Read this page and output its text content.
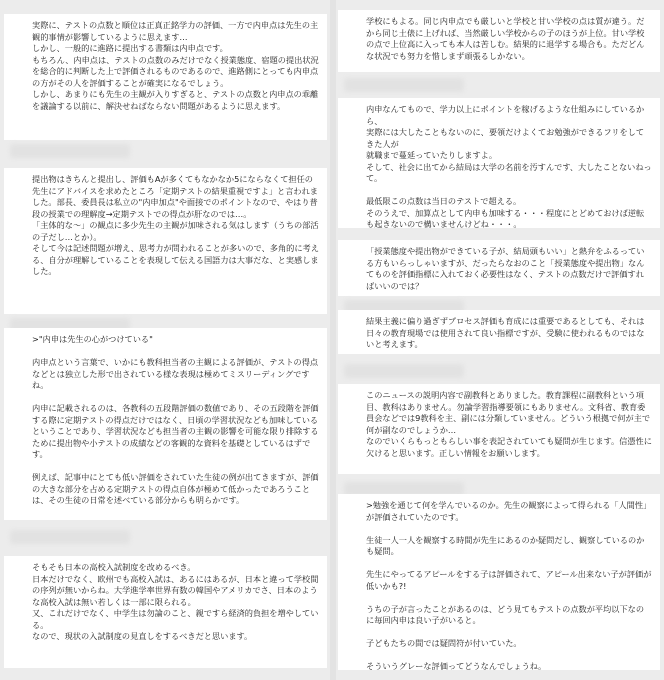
実際に、テストの点数と順位は正真正銘学力の評価、一方で内申点は先生の主観的事情が影響しているように思えます…
しかし、一般的に進路に提出する書類は内申点です。
もちろん、内申点は、テストの点数のみだけでなく授業態度、宿題の提出状況を総合的に判断した上で評価されるものであるので、進路側にとっても内申点の方がその人を評価することが確実になるでしょう。
しかし、あまりにも先生の主観が入りすぎると、テストの点数と内申点の乖離を議論する以前に、解決せねばならない問題があるように思えます。

提出物はきちんと提出し、評価もAが多くてもなかなか5にならなくて担任の先生にアドバイスを求めたところ「定期テストの結果重視ですよ」と言われました。部長、委員長は私立の"内申加点"や面接でのポイントなので、やはり普段の授業での理解度→定期テストでの得点が肝なのでは…。
「主体的な〜」の観点に多少先生の主観が加味される気はします（うちの部活の子だし…とか）。
そして今は記述問題が増え、思考力が問われることが多いので、多角的に考える、自分が理解していることを表現して伝える国語力は大事だな、と実感しました。

>"内申は先生の心がつけている"

内申点という言葉で、いかにも教科担当者の主観による評価が、テストの得点などとは独立した形で出されている様な表現は極めてミスリーディングですね。

内申に記載されるのは、各教科の五段階評価の数値であり、その五段階を評価する際に定期テストの得点だけではなく、日頃の学習状況なども加味しているということであり、学習状況なども担当者の主観の影響を可能な限り排除するために提出物や小テストの成績などの客観的な資料を基礎としているはずです。

例えば、記事中にとても低い評価をされていた生徒の例が出てきますが、評価の大きな部分を占める定期テストの得点自体が極めて低かったであろうことは、その生徒の日常を述べている部分からも明らかです。

そもそも日本の高校入試制度を改めるべき。
日本だけでなく、欧州でも高校入試は、あるにはあるが、日本と違って学校間の序列が無いからね。大学進学率世界有数の韓国やアメリカでさ、日本のような高校入試は無い若しくは一部に限られる。
又、これだけでなく、中学生は勿論のこと、親ですら経済的負担を増やしている。
なので、現状の入試制度の見直しをするべきだと思います。

学校にもよる。同じ内申点でも厳しいと学校と甘い学校の点は質が違う。だから同じ土俵に上げれば、当然厳しい学校からの子のほうが上位。甘い学校の点で上位高に入っても本人は苦しむ。結果的に退学する場合も。ただどんな状況でも努力を惜しまず頑張るしかない。

内申なんてもので、学力以上にポイントを稼げるような仕組みにしているから、
実際には大したこともないのに、要領だけよくてお勉強ができるフリをしてきた人が
就職まで蔓延っていたりしますよ。
そして、社会に出てから結局は大学の名前を汚すんです、大したことないねって。

最低限この点数は当日のテストで超える。
そのうえで、加算点として内申も加味する・・・程度にとどめておけば逆転も起きないので構いませんけどね・・・。

「授業態度や提出物ができている子が、結局頭もいい」と熱弁をふるっている方もいらっしゃいますが、だったらなおのこと「授業態度や提出物」なんてものを評価指標に入れておく必要性はなく、テストの点数だけで評価すればいいのでは？

結果主義に偏り過ぎずプロセス評価も育成には重要であるとしても、それは日々の教育現場では使用されて良い指標ですが、受験に使われるものではないと考えます。

このニュースの説明内容で副教科とありました。教育課程に副教科という項目、教科はありません。勿論学習指導要領にもありません。文科省、教育委員会などでは9教科を主、副には分類していません。どういう根拠で何が主で何が副なのでしょうか…
なのでいくらもっともらしい事を表記されていても疑問が生じます。信憑性に欠けると思います。正しい情報をお願いします。

>勉強を通じて何を学んでいるのか。先生の観察によって得られる「人間性」が評価されていたのです。

生徒一人一人を観察する時間が先生にあるのか疑問だし、観察しているのかも疑問。

先生にやってるアピールをする子は評価されて、アピール出来ない子が評価が低いかも?!

うちの子が言ったことがあるのは、どう見てもテストの点数が平均以下なのに毎回内申は良い子がいると。

子どもたちの間では疑問符が付いていた。

そういうグレーな評価ってどうなんでしょうね。
